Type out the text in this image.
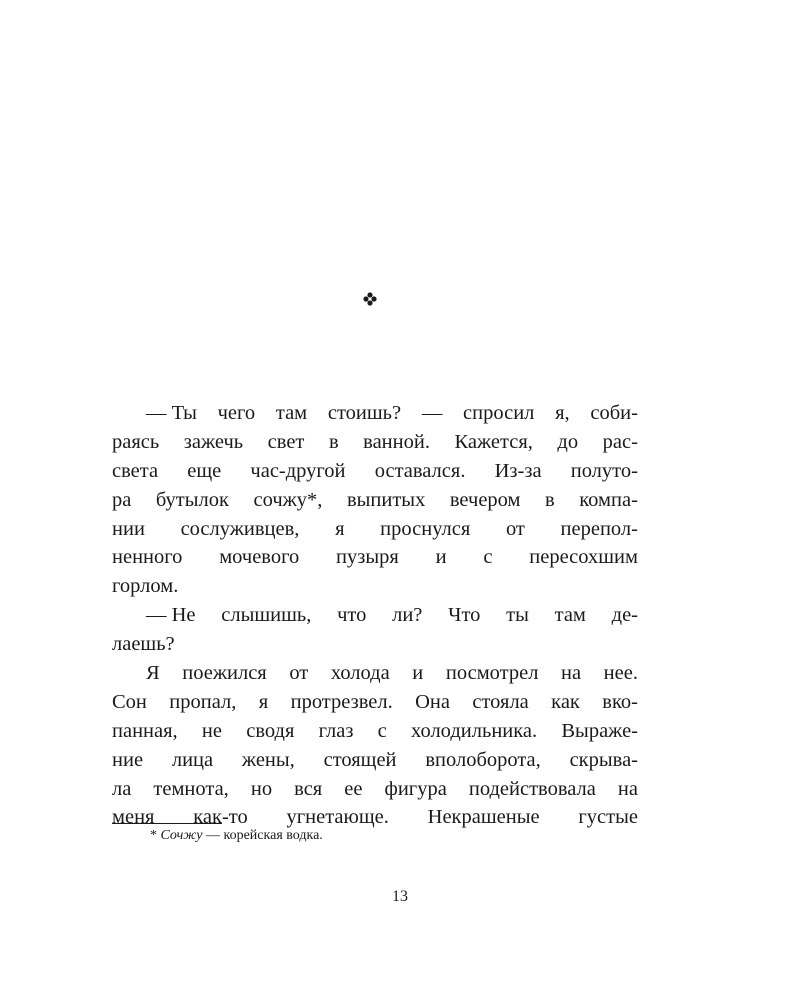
— Ты чего там стоишь? — спросил я, соби-
раясь зажечь свет в ванной. Кажется, до рас-
света еще час-другой оставался. Из-за полуто-
ра бутылок сочжу*, выпитых вечером в компа-
нии сослуживцев, я проснулся от перепол-
ненного мочевого пузыря и с пересохшим
горлом.
— Не слышишь, что ли? Что ты там де-
лаешь?
Я поежился от холода и посмотрел на нее.
Сон пропал, я протрезвел. Она стояла как вко-
панная, не сводя глаз с холодильника. Выраже-
ние лица жены, стоящей вполоборота, скрыва-
ла темнота, но вся ее фигура подействовала на
меня как-то угнетающе. Некрашеные густые
* Сочжу — корейская водка.
13
